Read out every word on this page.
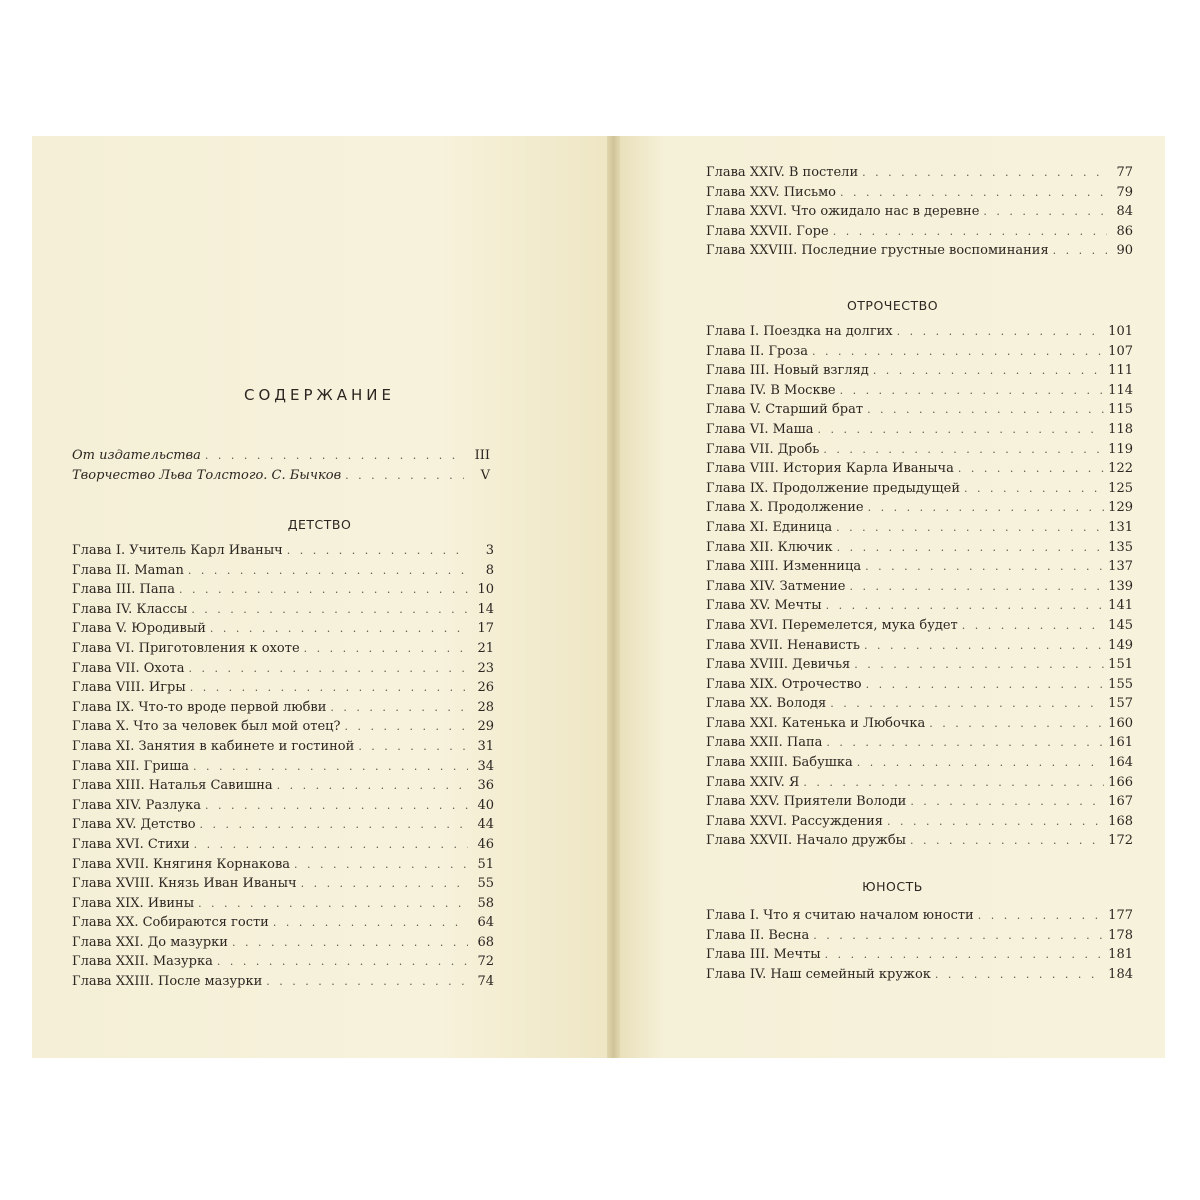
СОДЕРЖАНИЕ
От издательства . . .	III
Творчество Льва Толстого. С. Бычков . . .	V
ДЕТСТВО
Глава I. Учитель Карл Иваныч . . .	3
Глава II. Maman . . .	8
Глава III. Папа . . .	10
Глава IV. Классы . . .	14
Глава V. Юродивый . . .	17
Глава VI. Приготовления к охоте . . .	21
Глава VII. Охота . . .	23
Глава VIII. Игры . . .	26
Глава IX. Что-то вроде первой любви . . .	28
Глава X. Что за человек был мой отец? . . .	29
Глава XI. Занятия в кабинете и гостиной . . .	31
Глава XII. Гриша . . .	34
Глава XIII. Наталья Савишна . . .	36
Глава XIV. Разлука . . .	40
Глава XV. Детство . . .	44
Глава XVI. Стихи . . .	46
Глава XVII. Княгиня Корнакова . . .	51
Глава XVIII. Князь Иван Иваныч . . .	55
Глава XIX. Ивины . . .	58
Глава XX. Собираются гости . . .	64
Глава XXI. До мазурки . . .	68
Глава XXII. Мазурка . . .	72
Глава XXIII. После мазурки . . .	74
Глава XXIV. В постели . . .	77
Глава XXV. Письмо . . .	79
Глава XXVI. Что ожидало нас в деревне . . .	84
Глава XXVII. Горе . . .	86
Глава XXVIII. Последние грустные воспоминания . . .	90
ОТРОЧЕСТВО
Глава I. Поездка на долгих . . .	101
Глава II. Гроза . . .	107
Глава III. Новый взгляд . . .	111
Глава IV. В Москве . . .	114
Глава V. Старший брат . . .	115
Глава VI. Маша . . .	118
Глава VII. Дробь . . .	119
Глава VIII. История Карла Иваныча . . .	122
Глава IX. Продолжение предыдущей . . .	125
Глава X. Продолжение . . .	129
Глава XI. Единица . . .	131
Глава XII. Ключик . . .	135
Глава XIII. Изменница . . .	137
Глава XIV. Затмение . . .	139
Глава XV. Мечты . . .	141
Глава XVI. Перемелется, мука будет . . .	145
Глава XVII. Ненависть . . .	149
Глава XVIII. Девичья . . .	151
Глава XIX. Отрочество . . .	155
Глава XX. Володя . . .	157
Глава XXI. Катенька и Любочка . . .	160
Глава XXII. Папа . . .	161
Глава XXIII. Бабушка . . .	164
Глава XXIV. Я . . .	166
Глава XXV. Приятели Володи . . .	167
Глава XXVI. Рассуждения . . .	168
Глава XXVII. Начало дружбы . . .	172
ЮНОСТЬ
Глава I. Что я считаю началом юности . . .	177
Глава II. Весна . . .	178
Глава III. Мечты . . .	181
Глава IV. Наш семейный кружок . . .	184
